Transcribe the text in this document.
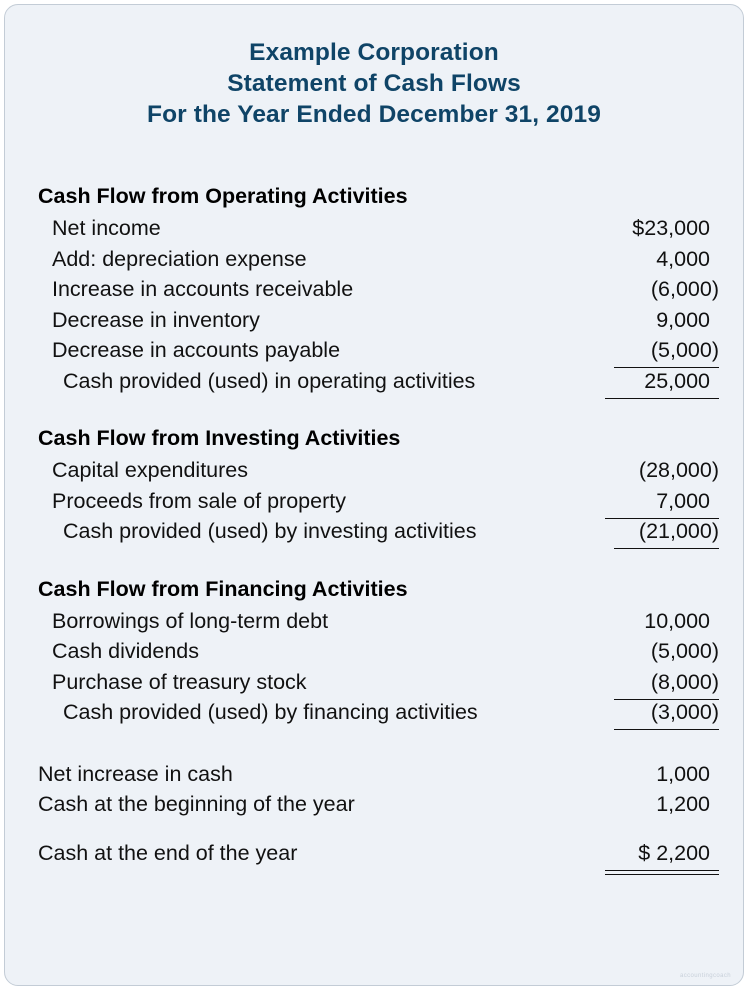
Example Corporation
Statement of Cash Flows
For the Year Ended December 31, 2019
Cash Flow from Operating Activities
Net income	$23,000
Add: depreciation expense	4,000
Increase in accounts receivable	(6,000)
Decrease in inventory	9,000
Decrease in accounts payable	(5,000)
Cash provided (used) in operating activities	25,000
Cash Flow from Investing Activities
Capital expenditures	(28,000)
Proceeds from sale of property	7,000
Cash provided (used) by investing activities	(21,000)
Cash Flow from Financing Activities
Borrowings of long-term debt	10,000
Cash dividends	(5,000)
Purchase of treasury stock	(8,000)
Cash provided (used) by financing activities	(3,000)
Net increase in cash	1,000
Cash at the beginning of the year	1,200
Cash at the end of the year	$ 2,200
accountingcoach
